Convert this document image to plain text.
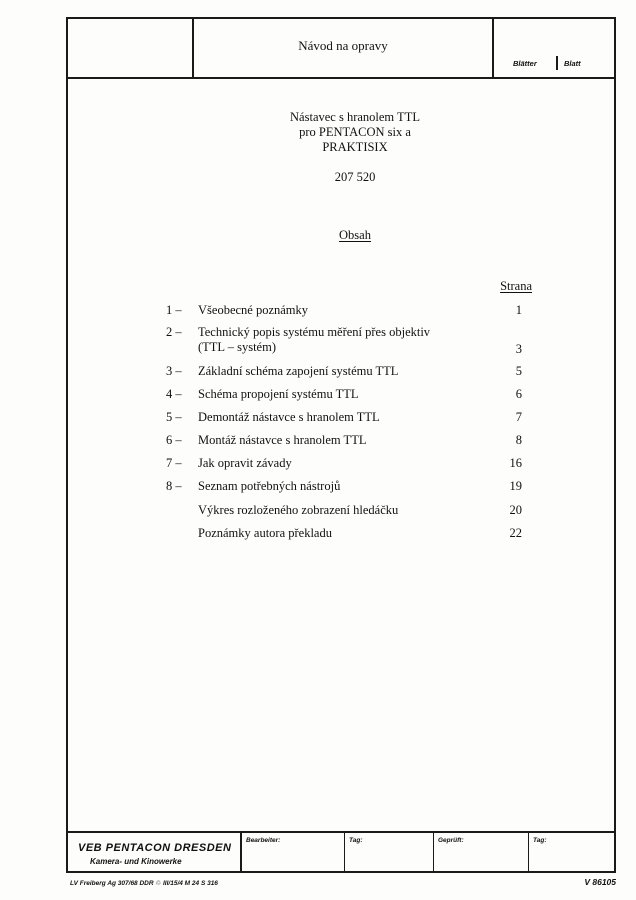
Návod na opravy
Blätter	Blatt
Nástavec s hranolem TTL
pro PENTACON six a
PRAKTISIX
207 520
Obsah
Strana
1 –	Všeobecné poznámky	1
2 –	Technický popis systému měření přes objektiv
(TTL – systém)	3
3 –	Základní schéma zapojení systému TTL	5
4 –	Schéma propojení systému TTL	6
5 –	Demontáž nástavce s hranolem TTL	7
6 –	Montáž nástavce s hranolem TTL	8
7 –	Jak opravit závady	16
8 –	Seznam potřebných nástrojů	19
Výkres rozloženého zobrazení hledáčku	20
Poznámky autora překladu	22
VEB PENTACON DRESDEN
Kamera- und Kinowerke
Bearbeiter:	Tag:	Geprüft:	Tag:
LV Freiberg Ag 307/68 DDR ♲ III/15/4 M 24 S 316	V 86105
